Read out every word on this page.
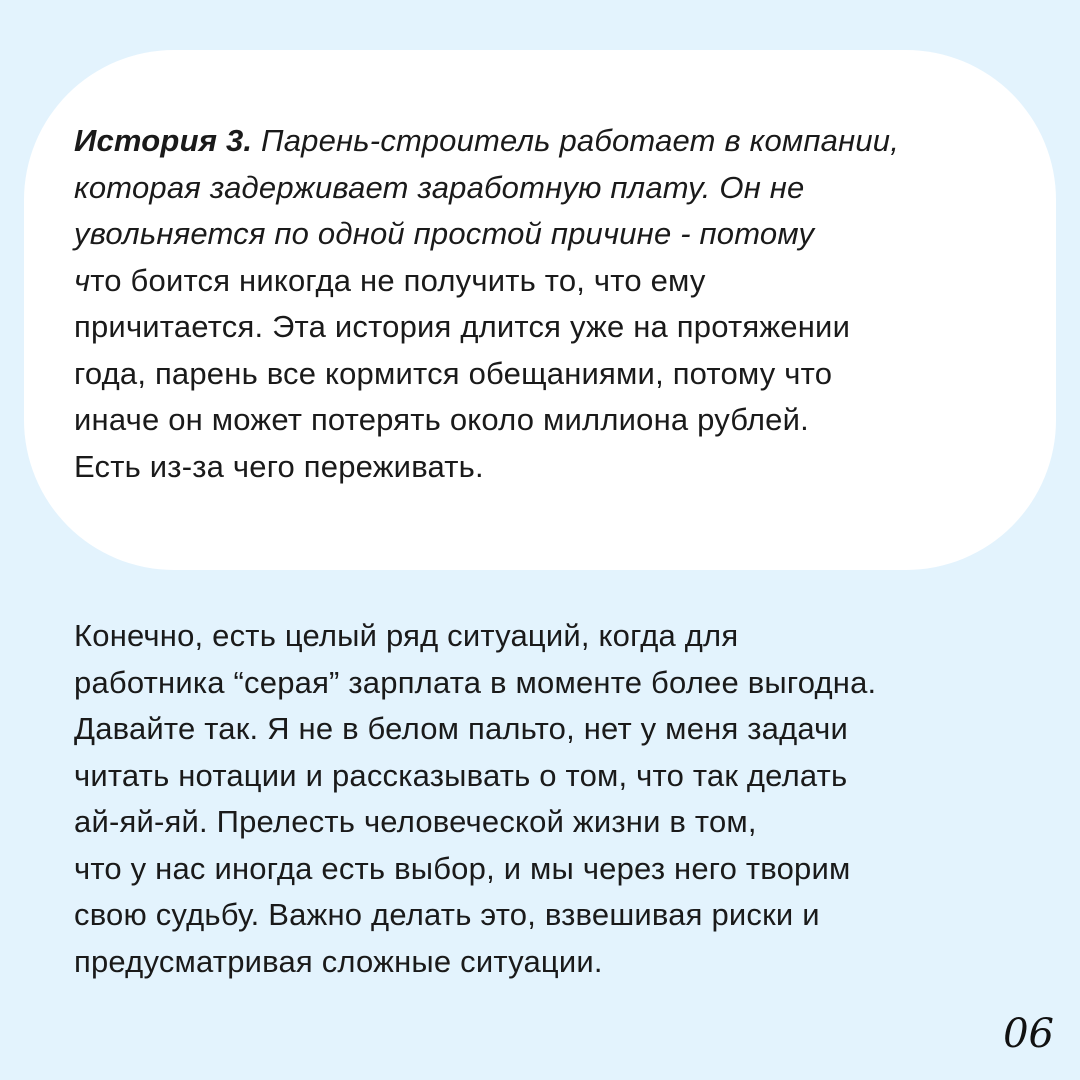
История 3. Парень-строитель работает в компании,
которая задерживает заработную плату. Он не
увольняется по одной простой причине - потому
что боится никогда не получить то, что ему
причитается. Эта история длится уже на протяжении
года, парень все кормится обещаниями, потому что
иначе он может потерять около миллиона рублей.
Есть из-за чего переживать.

Конечно, есть целый ряд ситуаций, когда для
работника “серая” зарплата в моменте более выгодна.
Давайте так. Я не в белом пальто, нет у меня задачи
читать нотации и рассказывать о том, что так делать
ай-яй-яй. Прелесть человеческой жизни в том,
что у нас иногда есть выбор, и мы через него творим
свою судьбу. Важно делать это, взвешивая риски и
предусматривая сложные ситуации.

06
